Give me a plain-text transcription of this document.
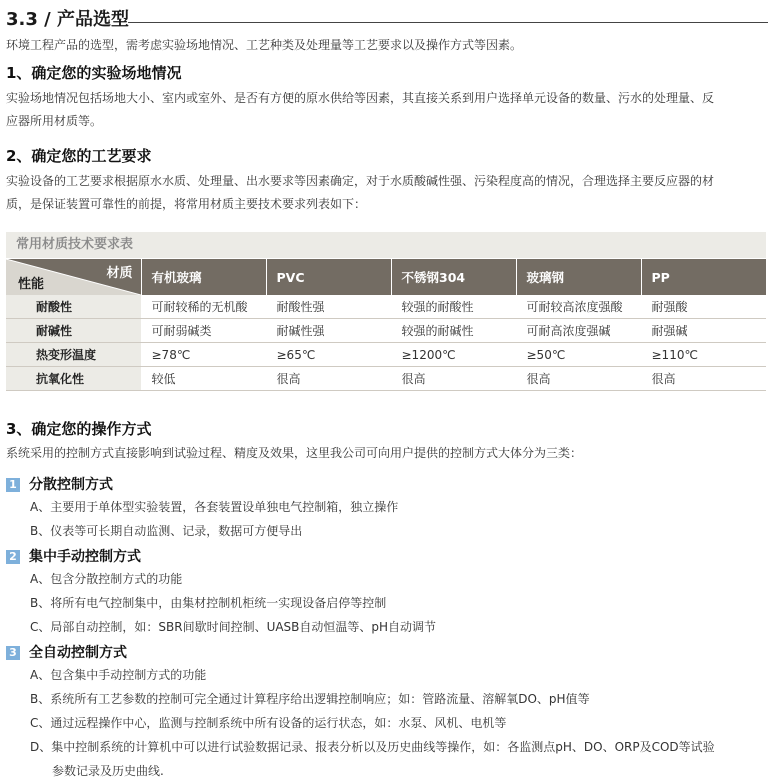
3.3 / 产品选型
环境工程产品的选型，需考虑实验场地情况、工艺种类及处理量等工艺要求以及操作方式等因素。
1、确定您的实验场地情况
实验场地情况包括场地大小、室内或室外、是否有方便的原水供给等因素，其直接关系到用户选择单元设备的数量、污水的处理量、反
应器所用材质等。
2、确定您的工艺要求
实验设备的工艺要求根据原水水质、处理量、出水要求等因素确定，对于水质酸碱性强、污染程度高的情况，合理选择主要反应器的材
质，是保证装置可靠性的前提，将常用材质主要技术要求列表如下：
常用材质技术要求表
材质
性能	有机玻璃	PVC	不锈钢304	玻璃钢	PP
耐酸性	可耐较稀的无机酸	耐酸性强	较强的耐酸性	可耐较高浓度强酸	耐强酸
耐碱性	可耐弱碱类	耐碱性强	较强的耐碱性	可耐高浓度强碱	耐强碱
热变形温度	≥78℃	≥65℃	≥1200℃	≥50℃	≥110℃
抗氧化性	较低	很高	很高	很高	很高
3、确定您的操作方式
系统采用的控制方式直接影响到试验过程、精度及效果，这里我公司可向用户提供的控制方式大体分为三类：
1 分散控制方式
A、主要用于单体型实验装置，各套装置设单独电气控制箱，独立操作
B、仪表等可长期自动监测、记录，数据可方便导出
2 集中手动控制方式
A、包含分散控制方式的功能
B、将所有电气控制集中，由集材控制机柜统一实现设备启停等控制
C、局部自动控制，如：SBR间歇时间控制、UASB自动恒温等、pH自动调节
3 全自动控制方式
A、包含集中手动控制方式的功能
B、系统所有工艺参数的控制可完全通过计算程序给出逻辑控制响应；如：管路流量、溶解氧DO、pH值等
C、通过远程操作中心，监测与控制系统中所有设备的运行状态，如：水泵、风机、电机等
D、集中控制系统的计算机中可以进行试验数据记录、报表分析以及历史曲线等操作，如：各监测点pH、DO、ORP及COD等试验
参数记录及历史曲线.
